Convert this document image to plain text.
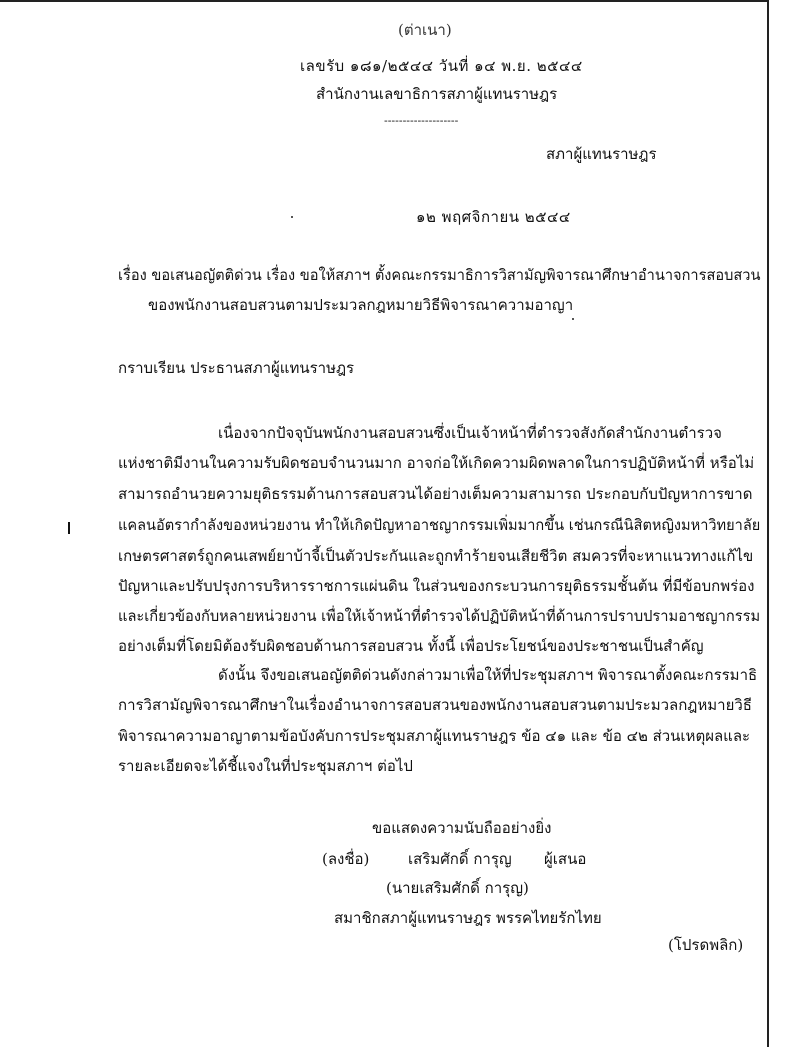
(ต่าเนา)
เลขรับ ๑๘๑/๒๕๔๔ วันที่ ๑๔ พ.ย. ๒๕๔๔
สำนักงานเลขาธิการสภาผู้แทนราษฎร
--------------------
สภาผู้แทนราษฎร
๑๒ พฤศจิกายน ๒๕๔๔
เรื่อง ขอเสนอญัตติด่วน เรื่อง ขอให้สภาฯ ตั้งคณะกรรมาธิการวิสามัญพิจารณาศึกษาอำนาจการสอบสวน
ของพนักงานสอบสวนตามประมวลกฎหมายวิธีพิจารณาความอาญา
กราบเรียน ประธานสภาผู้แทนราษฎร
เนื่องจากปัจจุบันพนักงานสอบสวนซึ่งเป็นเจ้าหน้าที่ตำรวจสังกัดสำนักงานตำรวจ
แห่งชาติมีงานในความรับผิดชอบจำนวนมาก อาจก่อให้เกิดความผิดพลาดในการปฏิบัติหน้าที่ หรือไม่
สามารถอำนวยความยุติธรรมด้านการสอบสวนได้อย่างเต็มความสามารถ ประกอบกับปัญหาการขาด
แคลนอัตรากำลังของหน่วยงาน ทำให้เกิดปัญหาอาชญากรรมเพิ่มมากขึ้น เช่นกรณีนิสิตหญิงมหาวิทยาลัย
เกษตรศาสตร์ถูกคนเสพย์ยาบ้าจี้เป็นตัวประกันและถูกทำร้ายจนเสียชีวิต สมควรที่จะหาแนวทางแก้ไข
ปัญหาและปรับปรุงการบริหารราชการแผ่นดิน ในส่วนของกระบวนการยุติธรรมชั้นต้น ที่มีข้อบกพร่อง
และเกี่ยวข้องกับหลายหน่วยงาน เพื่อให้เจ้าหน้าที่ตำรวจได้ปฏิบัติหน้าที่ด้านการปราบปรามอาชญากรรม
อย่างเต็มที่โดยมิต้องรับผิดชอบด้านการสอบสวน ทั้งนี้ เพื่อประโยชน์ของประชาชนเป็นสำคัญ
ดังนั้น จึงขอเสนอญัตติด่วนดังกล่าวมาเพื่อให้ที่ประชุมสภาฯ พิจารณาตั้งคณะกรรมาธิ
การวิสามัญพิจารณาศึกษาในเรื่องอำนาจการสอบสวนของพนักงานสอบสวนตามประมวลกฎหมายวิธี
พิจารณาความอาญาตามข้อบังคับการประชุมสภาผู้แทนราษฎร ข้อ ๔๑ และ ข้อ ๔๒ ส่วนเหตุผลและ
รายละเอียดจะได้ชี้แจงในที่ประชุมสภาฯ ต่อไป
ขอแสดงความนับถืออย่างยิ่ง
(ลงชื่อ)	เสริมศักดิ์ การุญ ผู้เสนอ
(นายเสริมศักดิ์ การุญ)
สมาชิกสภาผู้แทนราษฎร พรรคไทยรักไทย
(โปรดพลิก)
